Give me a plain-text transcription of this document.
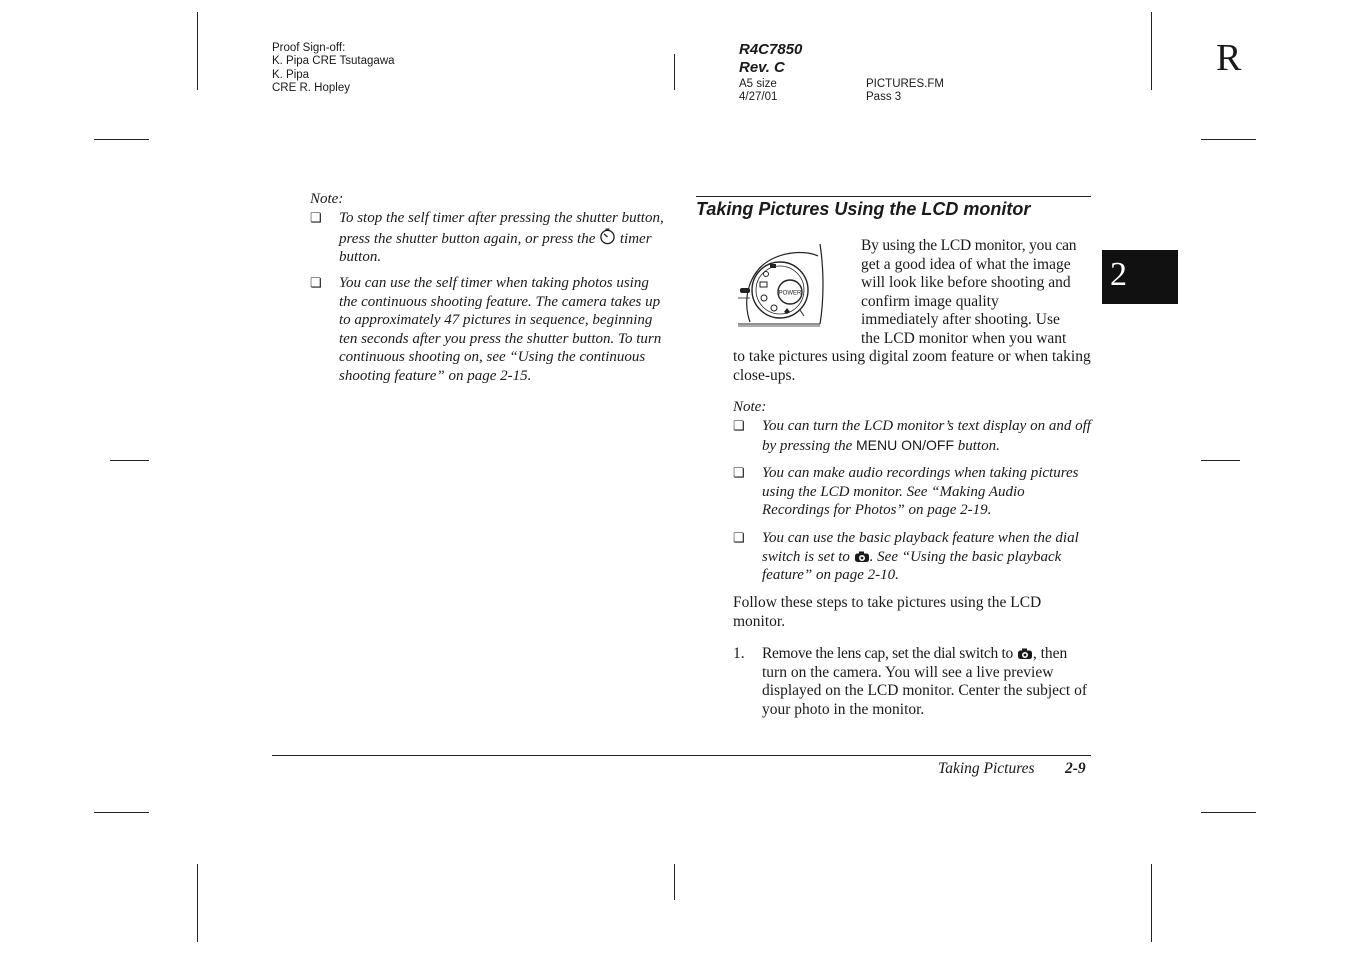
Proof Sign-off:
K. Pipa CRE Tsutagawa
K. Pipa
CRE R. Hopley
R4C7850
Rev. C
A5 size
4/27/01
PICTURES.FM
Pass 3
R
2
Note:
❏ To stop the self timer after pressing the shutter button, press the shutter button again, or press the timer button.
❏ You can use the self timer when taking photos using the continuous shooting feature. The camera takes up to approximately 47 pictures in sequence, beginning ten seconds after you press the shutter button. To turn continuous shooting on, see “Using the continuous shooting feature” on page 2-15.
Taking Pictures Using the LCD monitor
POWER
By using the LCD monitor, you can
get a good idea of what the image
will look like before shooting and
confirm image quality
immediately after shooting. Use
the LCD monitor when you want
to take pictures using digital zoom feature or when taking close-ups.
Note:
❏ You can turn the LCD monitor’s text display on and off by pressing the MENU ON/OFF button.
❏ You can make audio recordings when taking pictures using the LCD monitor. See “Making Audio Recordings for Photos” on page 2-19.
❏ You can use the basic playback feature when the dial switch is set to . See “Using the basic playback feature” on page 2-10.
Follow these steps to take pictures using the LCD monitor.
1. Remove the lens cap, set the dial switch to , then turn on the camera. You will see a live preview displayed on the LCD monitor. Center the subject of your photo in the monitor.
Taking Pictures 2-9
